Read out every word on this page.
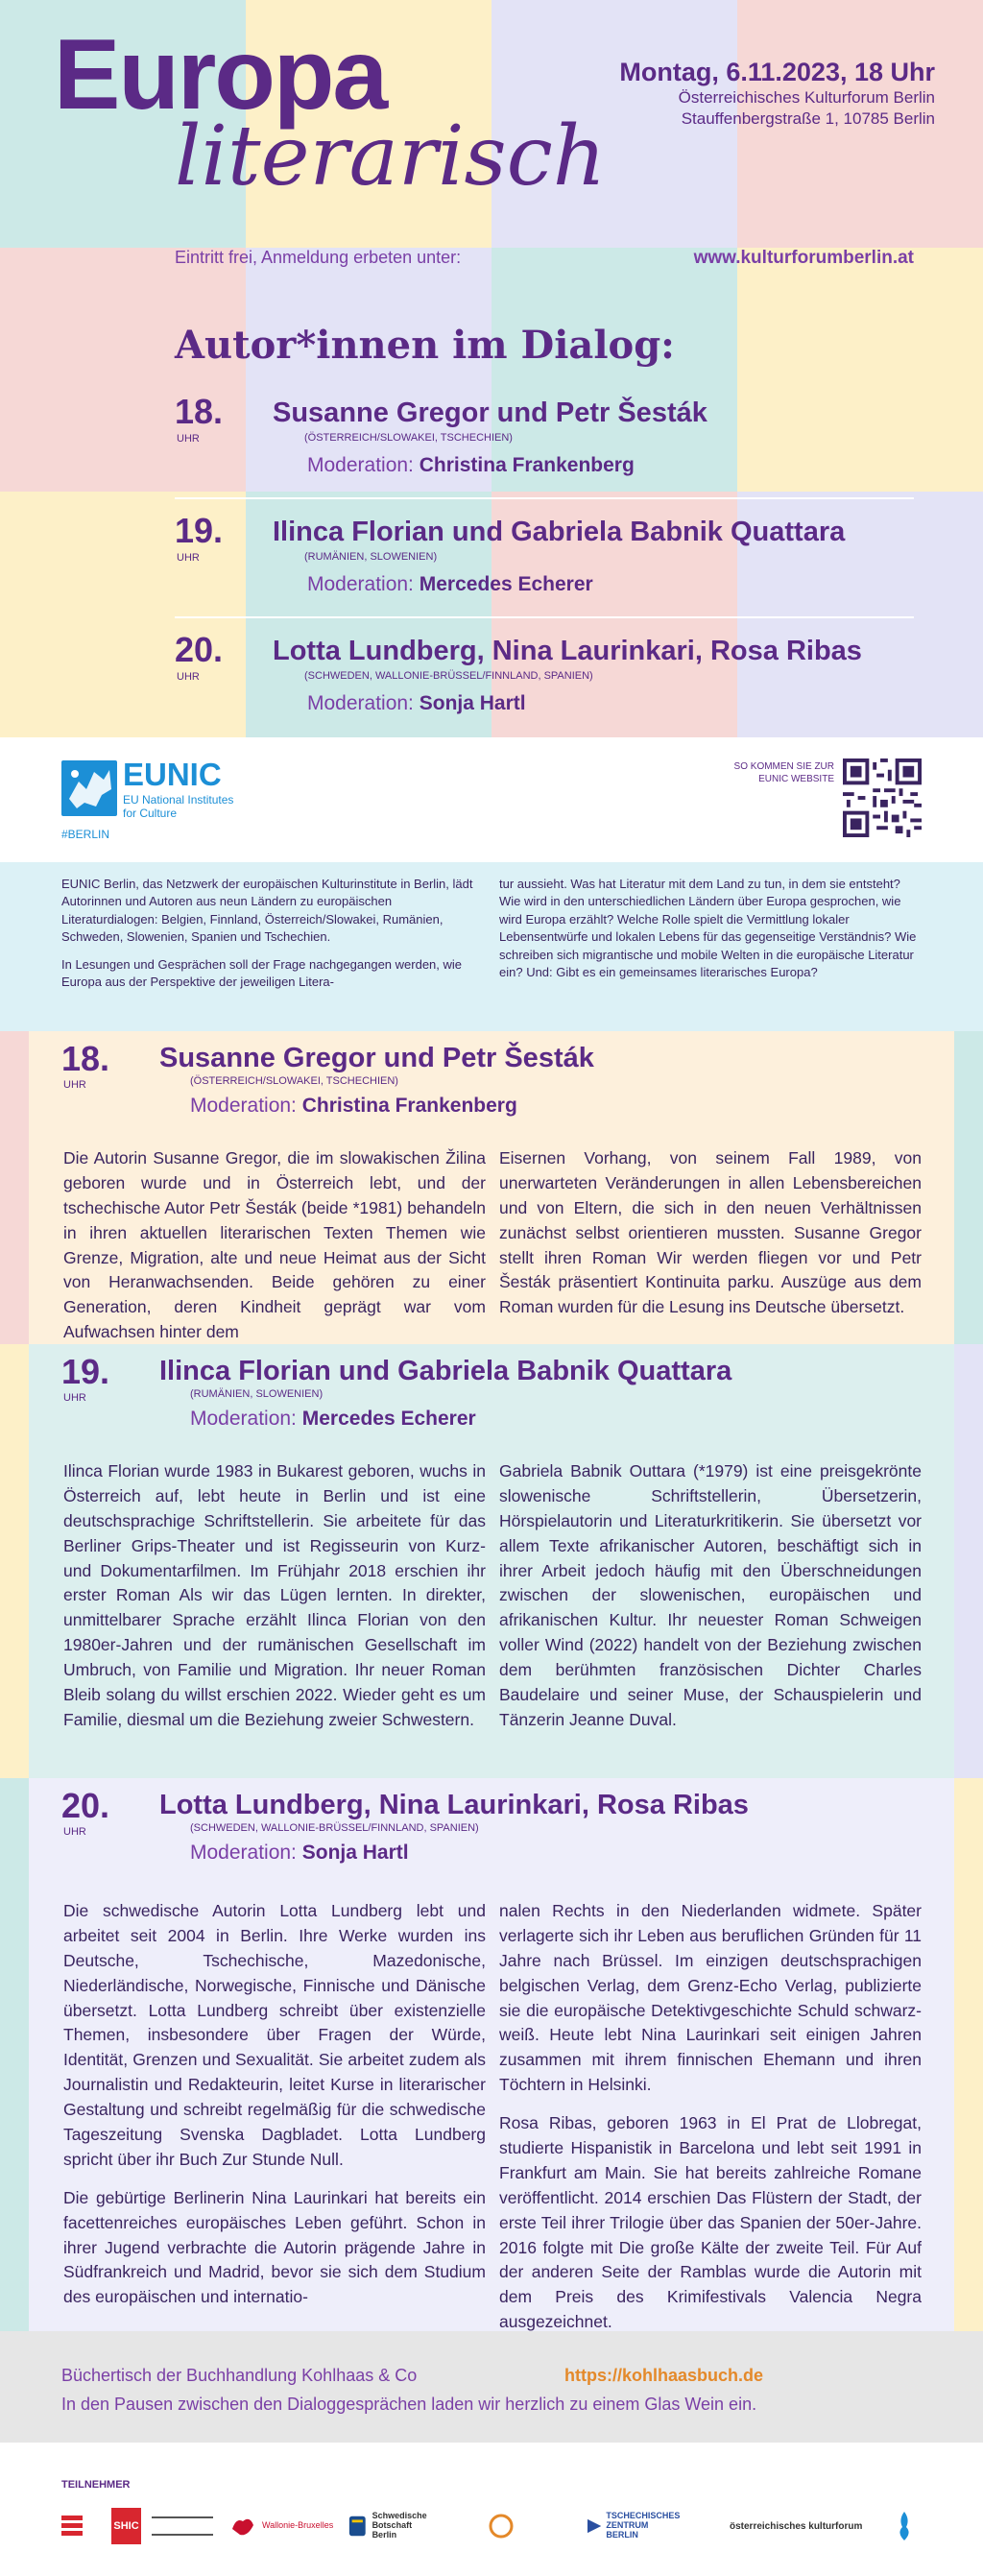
Europa
literarisch
Montag, 6.11.2023, 18 Uhr
Österreichisches Kulturforum Berlin
Stauffenbergstraße 1, 10785 Berlin
Eintritt frei, Anmeldung erbeten unter:	www.kulturforumberlin.at
Autor*innen im Dialog:
18.
UHR
Susanne Gregor und Petr Šesták
(ÖSTERREICH/SLOWAKEI, TSCHECHIEN)
Moderation: Christina Frankenberg
19.
UHR
Ilinca Florian und Gabriela Babnik Quattara
(RUMÄNIEN, SLOWENIEN)
Moderation: Mercedes Echerer
20.
UHR
Lotta Lundberg, Nina Laurinkari, Rosa Ribas
(SCHWEDEN, WALLONIE-BRÜSSEL/FINNLAND, SPANIEN)
Moderation: Sonja Hartl
EUNIC
EU National Institutes
for Culture
#BERLIN
SO KOMMEN SIE ZUR
EUNIC WEBSITE

EUNIC Berlin, das Netzwerk der europäischen Kulturinstitute in Berlin, lädt Autorinnen und Autoren aus neun Ländern zu europäischen Literaturdialogen: Belgien, Finnland, Österreich/Slowakei, Rumänien, Schweden, Slowenien, Spanien und Tschechien.

In Lesungen und Gesprächen soll der Frage nachgegangen werden, wie Europa aus der Perspektive der jeweiligen Litera-

tur aussieht. Was hat Literatur mit dem Land zu tun, in dem sie entsteht? Wie wird in den unterschiedlichen Ländern über Europa gesprochen, wie wird Europa erzählt? Welche Rolle spielt die Vermittlung lokaler Lebensentwürfe und lokalen Lebens für das gegenseitige Verständnis? Wie schreiben sich migrantische und mobile Welten in die europäische Literatur ein? Und: Gibt es ein gemeinsames literarisches Europa?

18.
UHR
Susanne Gregor und Petr Šesták
(ÖSTERREICH/SLOWAKEI, TSCHECHIEN)
Moderation: Christina Frankenberg

Die Autorin Susanne Gregor, die im slowakischen Žilina geboren wurde und in Österreich lebt, und der tschechische Autor Petr Šesták (beide *1981) behandeln in ihren aktuellen literarischen Texten Themen wie Grenze, Migration, alte und neue Heimat aus der Sicht von Heranwachsenden. Beide gehören zu einer Generation, deren Kindheit geprägt war vom Aufwachsen hinter dem

Eisernen Vorhang, von seinem Fall 1989, von unerwarteten Veränderungen in allen Lebensbereichen und von Eltern, die sich in den neuen Verhältnissen zunächst selbst orientieren mussten. Susanne Gregor stellt ihren Roman Wir werden fliegen vor und Petr Šesták präsentiert Kontinuita parku. Auszüge aus dem Roman wurden für die Lesung ins Deutsche übersetzt.

19.
UHR
Ilinca Florian und Gabriela Babnik Quattara
(RUMÄNIEN, SLOWENIEN)
Moderation: Mercedes Echerer

Ilinca Florian wurde 1983 in Bukarest geboren, wuchs in Österreich auf, lebt heute in Berlin und ist eine deutschsprachige Schriftstellerin. Sie arbeitete für das Berliner Grips-Theater und ist Regisseurin von Kurz- und Dokumentarfilmen. Im Frühjahr 2018 erschien ihr erster Roman Als wir das Lügen lernten. In direkter, unmittelbarer Sprache erzählt Ilinca Florian von den 1980er-Jahren und der rumänischen Gesellschaft im Umbruch, von Familie und Migration. Ihr neuer Roman Bleib solang du willst erschien 2022. Wieder geht es um Familie, diesmal um die Beziehung zweier Schwestern.

Gabriela Babnik Outtara (*1979) ist eine preisgekrönte slowenische Schriftstellerin, Übersetzerin, Hörspielautorin und Literaturkritikerin. Sie übersetzt vor allem Texte afrikanischer Autoren, beschäftigt sich in ihrer Arbeit jedoch häufig mit den Überschneidungen zwischen der slowenischen, europäischen und afrikanischen Kultur. Ihr neuester Roman Schweigen voller Wind (2022) handelt von der Beziehung zwischen dem berühmten französischen Dichter Charles Baudelaire und seiner Muse, der Schauspielerin und Tänzerin Jeanne Duval.

20.
UHR
Lotta Lundberg, Nina Laurinkari, Rosa Ribas
(SCHWEDEN, WALLONIE-BRÜSSEL/FINNLAND, SPANIEN)
Moderation: Sonja Hartl

Die schwedische Autorin Lotta Lundberg lebt und arbeitet seit 2004 in Berlin. Ihre Werke wurden ins Deutsche, Tschechische, Mazedonische, Niederländische, Norwegische, Finnische und Dänische übersetzt. Lotta Lundberg schreibt über existenzielle Themen, insbesondere über Fragen der Würde, Identität, Grenzen und Sexualität. Sie arbeitet zudem als Journalistin und Redakteurin, leitet Kurse in literarischer Gestaltung und schreibt regelmäßig für die schwedische Tageszeitung Svenska Dagbladet. Lotta Lundberg spricht über ihr Buch Zur Stunde Null.

Die gebürtige Berlinerin Nina Laurinkari hat bereits ein facettenreiches europäisches Leben geführt. Schon in ihrer Jugend verbrachte die Autorin prägende Jahre in Südfrankreich und Madrid, bevor sie sich dem Studium des europäischen und internatio-

nalen Rechts in den Niederlanden widmete. Später verlagerte sich ihr Leben aus beruflichen Gründen für 11 Jahre nach Brüssel. Im einzigen deutschsprachigen belgischen Verlag, dem Grenz-Echo Verlag, publizierte sie die europäische Detektivgeschichte Schuld schwarz-weiß. Heute lebt Nina Laurinkari seit einigen Jahren zusammen mit ihrem finnischen Ehemann und ihren Töchtern in Helsinki.

Rosa Ribas, geboren 1963 in El Prat de Llobregat, studierte Hispanistik in Barcelona und lebt seit 1991 in Frankfurt am Main. Sie hat bereits zahlreiche Romane veröffentlicht. 2014 erschien Das Flüstern der Stadt, der erste Teil ihrer Trilogie über das Spanien der 50er-Jahre. 2016 folgte mit Die große Kälte der zweite Teil. Für Auf der anderen Seite der Ramblas wurde die Autorin mit dem Preis des Krimifestivals Valencia Negra ausgezeichnet.

Büchertisch der Buchhandlung Kohlhaas & Co	https://kohlhaasbuch.de
In den Pausen zwischen den Dialoggesprächen laden wir herzlich zu einem Glas Wein ein.
TEILNEHMER
SHIC	Wallonie-Bruxelles
Schwedische Botschaft
Berlin
TSCHECHISCHES ZENTRUM
BERLIN
österreichisches kulturforum
